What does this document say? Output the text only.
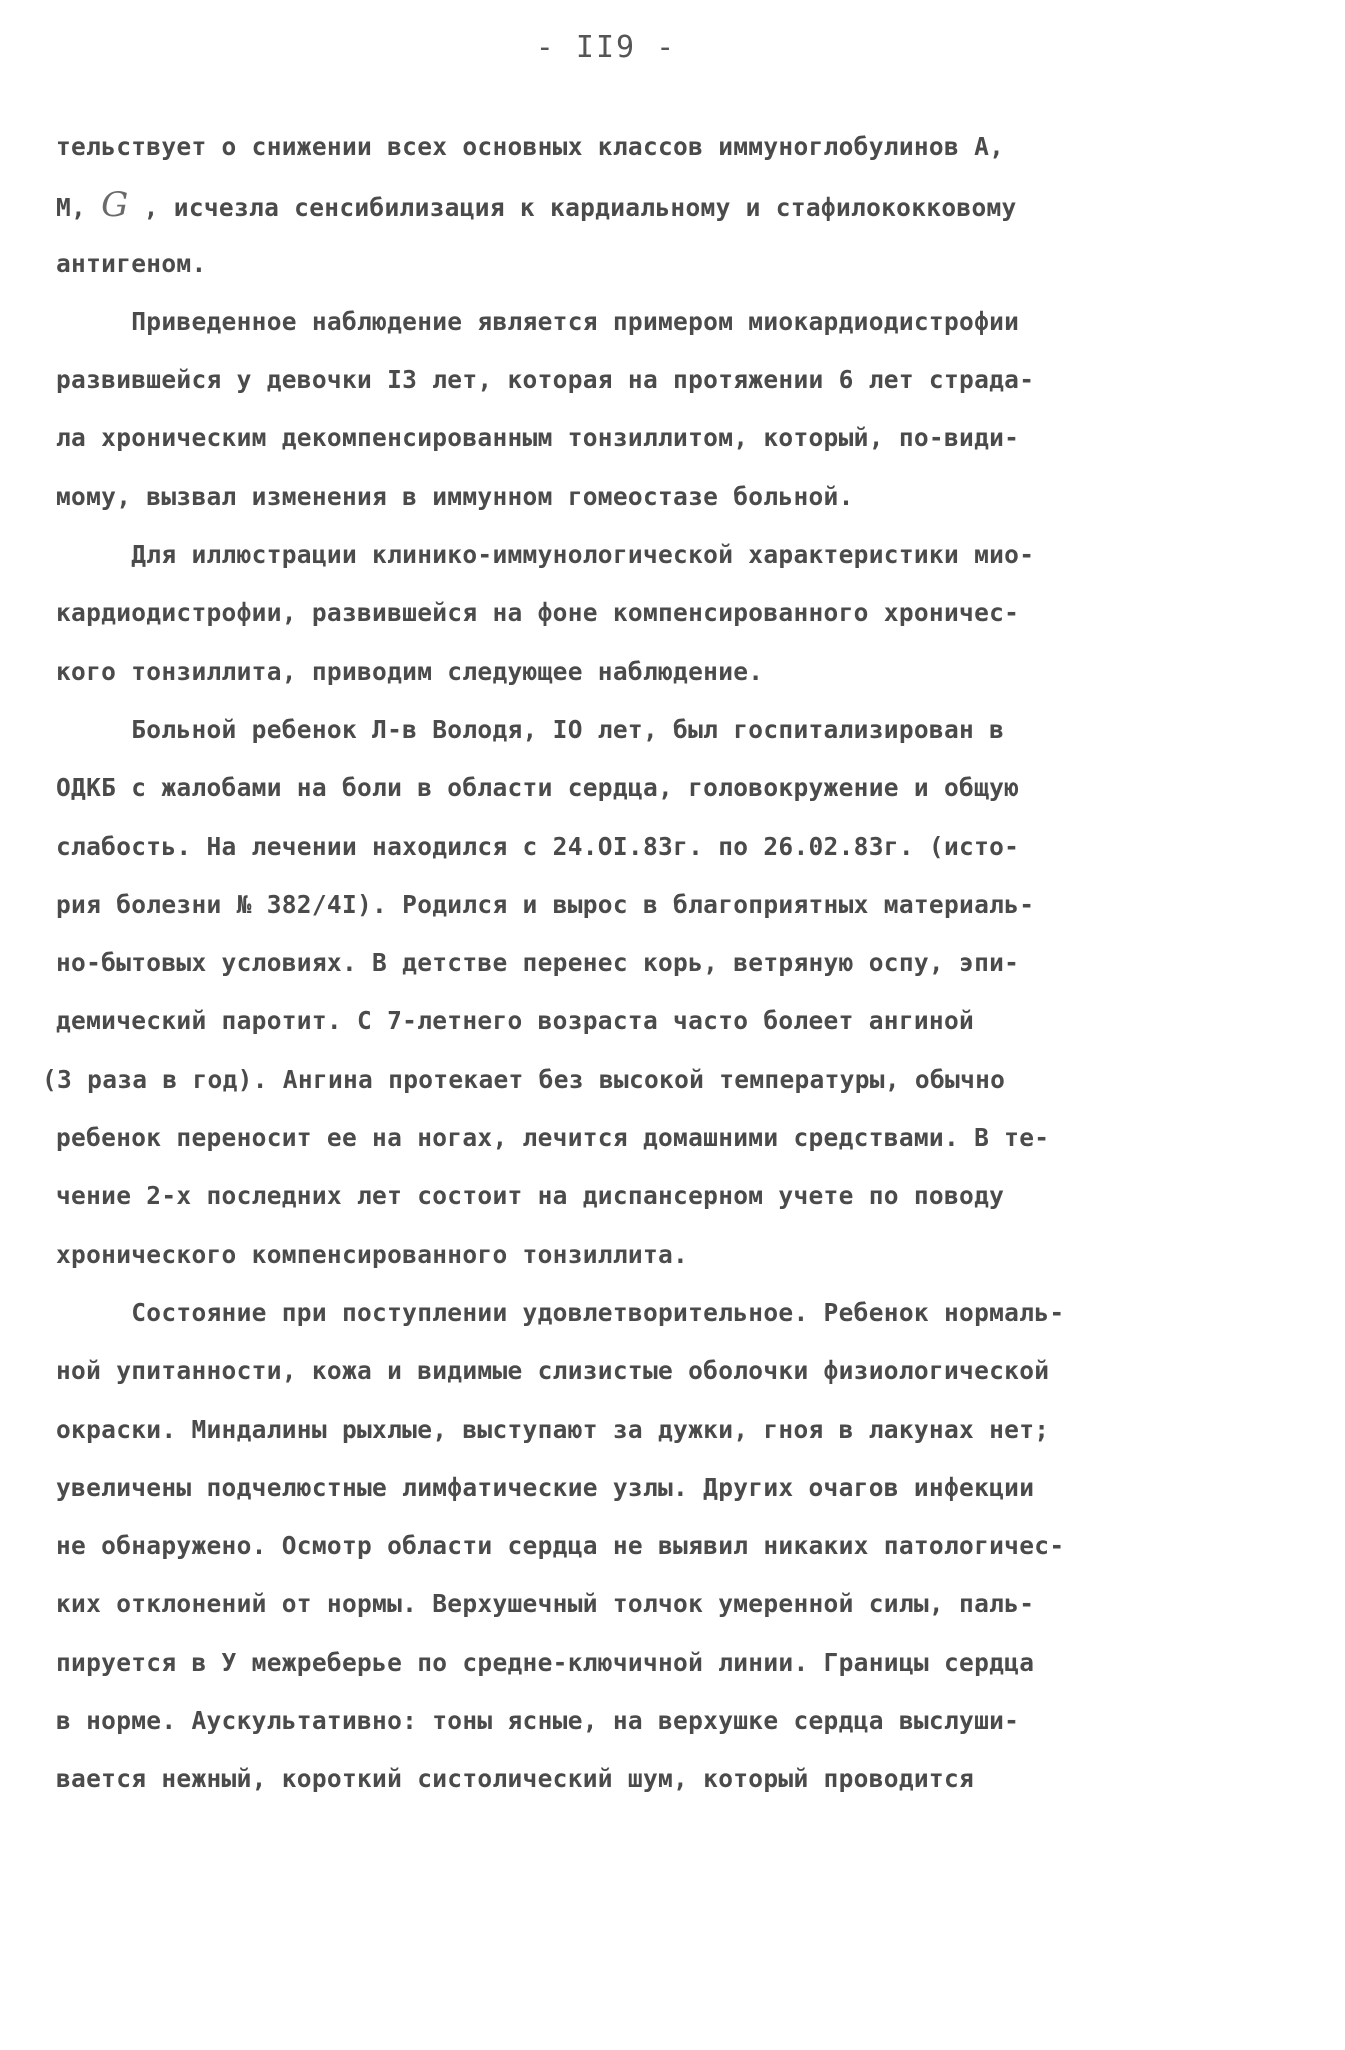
- II9 -
тельствует о снижении всех основных классов иммуноглобулинов A,
M, G , исчезла сенсибилизация к кардиальному и стафилококковому
антигеном.
Приведенное наблюдение является примером миокардиодистрофии
развившейся у девочки I3 лет, которая на протяжении 6 лет страда-
ла хроническим декомпенсированным тонзиллитом, который, по-види-
мому, вызвал изменения в иммунном гомеостазе больной.
Для иллюстрации клинико-иммунологической характеристики мио-
кардиодистрофии, развившейся на фоне компенсированного хроничес-
кого тонзиллита, приводим следующее наблюдение.
Больной ребенок Л-в Володя, IO лет, был госпитализирован в
ОДКБ с жалобами на боли в области сердца, головокружение и общую
слабость. На лечении находился с 24.OI.83г. по 26.02.83г. (исто-
рия болезни № 382/4I). Родился и вырос в благоприятных материаль-
но-бытовых условиях. В детстве перенес корь, ветряную оспу, эпи-
демический паротит. С 7-летнего возраста часто болеет ангиной
(3 раза в год). Ангина протекает без высокой температуры, обычно
ребенок переносит ее на ногах, лечится домашними средствами. В те-
чение 2-х последних лет состоит на диспансерном учете по поводу
хронического компенсированного тонзиллита.
Состояние при поступлении удовлетворительное. Ребенок нормаль-
ной упитанности, кожа и видимые слизистые оболочки физиологической
окраски. Миндалины рыхлые, выступают за дужки, гноя в лакунах нет;
увеличены подчелюстные лимфатические узлы. Других очагов инфекции
не обнаружено. Осмотр области сердца не выявил никаких патологичес-
ких отклонений от нормы. Верхушечный толчок умеренной силы, паль-
пируется в У межреберье по средне-ключичной линии. Границы сердца
в норме. Аускультативно: тоны ясные, на верхушке сердца выслуши-
вается нежный, короткий систолический шум, который проводится
